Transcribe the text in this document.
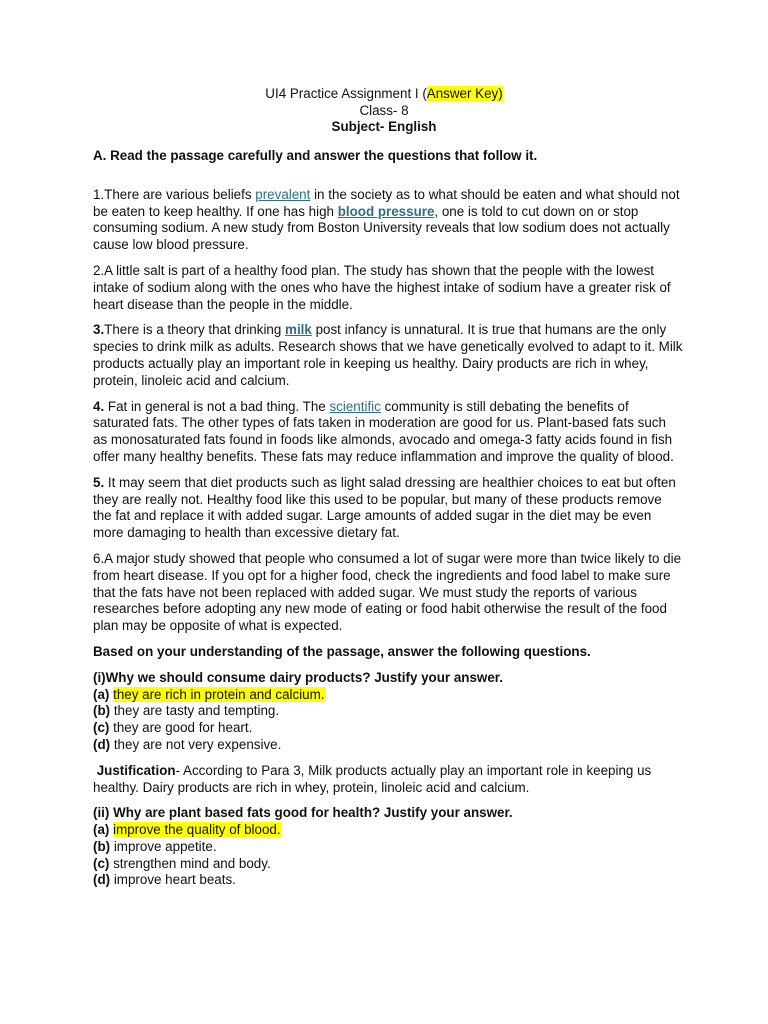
UI4 Practice Assignment I (Answer Key)
Class- 8
Subject- English

A. Read the passage carefully and answer the questions that follow it.

1.There are various beliefs prevalent in the society as to what should be eaten and what should not be eaten to keep healthy. If one has high blood pressure, one is told to cut down on or stop consuming sodium. A new study from Boston University reveals that low sodium does not actually cause low blood pressure.

2.A little salt is part of a healthy food plan. The study has shown that the people with the lowest intake of sodium along with the ones who have the highest intake of sodium have a greater risk of heart disease than the people in the middle.

3.There is a theory that drinking milk post infancy is unnatural. It is true that humans are the only species to drink milk as adults. Research shows that we have genetically evolved to adapt to it. Milk products actually play an important role in keeping us healthy. Dairy products are rich in whey, protein, linoleic acid and calcium.

4. Fat in general is not a bad thing. The scientific community is still debating the benefits of saturated fats. The other types of fats taken in moderation are good for us. Plant-based fats such as monosaturated fats found in foods like almonds, avocado and omega-3 fatty acids found in fish offer many healthy benefits. These fats may reduce inflammation and improve the quality of blood.

5. It may seem that diet products such as light salad dressing are healthier choices to eat but often they are really not. Healthy food like this used to be popular, but many of these products remove the fat and replace it with added sugar. Large amounts of added sugar in the diet may be even more damaging to health than excessive dietary fat.

6.A major study showed that people who consumed a lot of sugar were more than twice likely to die from heart disease. If you opt for a higher food, check the ingredients and food label to make sure that the fats have not been replaced with added sugar. We must study the reports of various researches before adopting any new mode of eating or food habit otherwise the result of the food plan may be opposite of what is expected.

Based on your understanding of the passage, answer the following questions.

(i)Why we should consume dairy products? Justify your answer.

(a) they are rich in protein and calcium.

(b) they are tasty and tempting.

(c) they are good for heart.

(d) they are not very expensive.

Justification- According to Para 3, Milk products actually play an important role in keeping us healthy. Dairy products are rich in whey, protein, linoleic acid and calcium.

(ii) Why are plant based fats good for health? Justify your answer.

(a) improve the quality of blood.

(b) improve appetite.

(c) strengthen mind and body.

(d) improve heart beats.
